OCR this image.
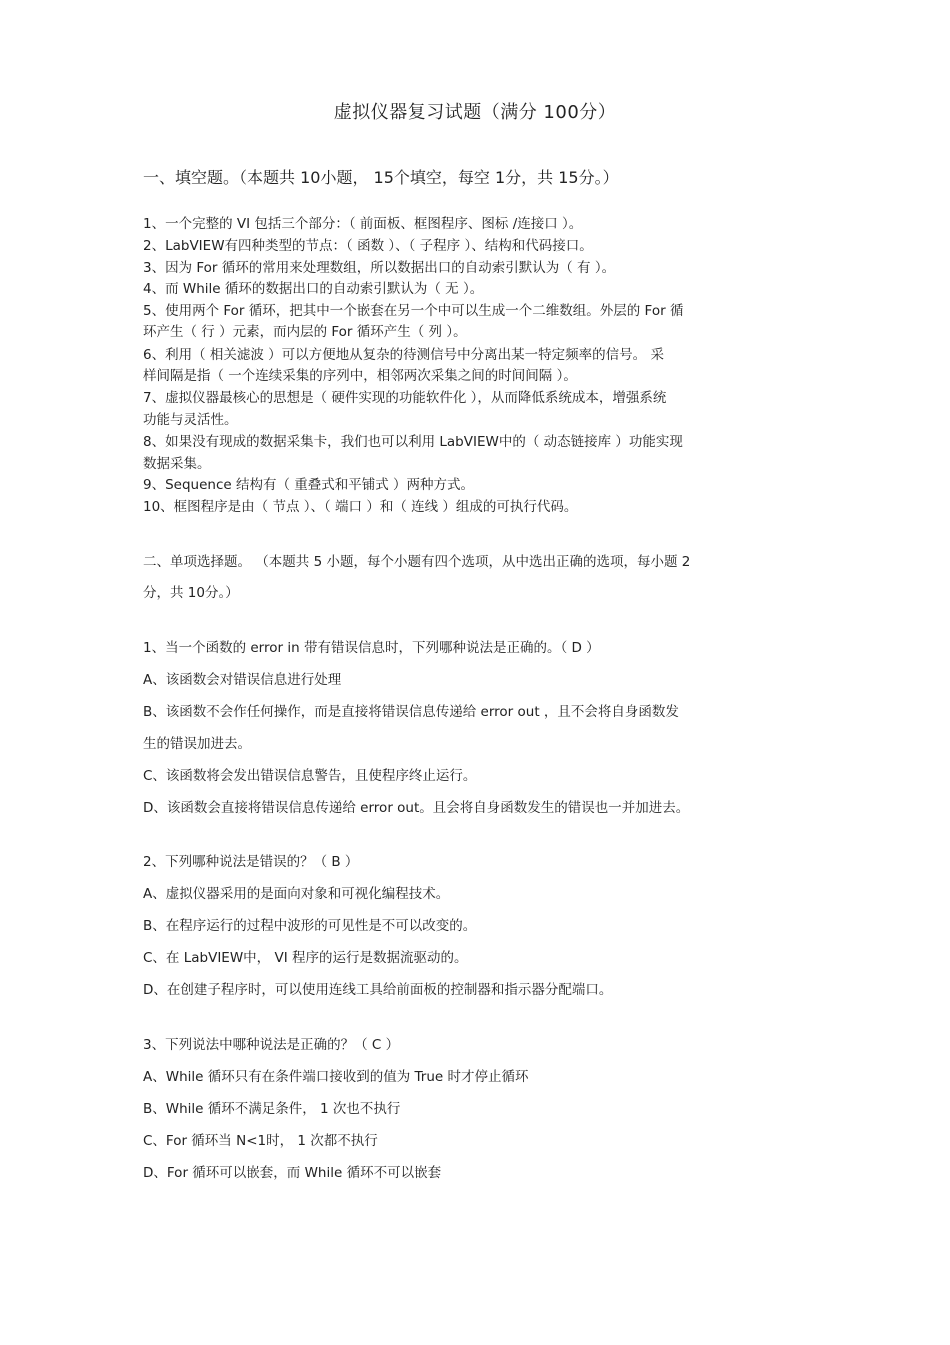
虚拟仪器复习试题（满分 100分）
一、填空题。（本题共 10小题， 15个填空，每空 1分，共 15分。）
1、一个完整的 VI 包括三个部分：（ 前面板、框图程序、图标 /连接口 ）。
2、LabVIEW有四种类型的节点：（ 函数 ）、（ 子程序 ）、结构和代码接口。
3、因为 For 循环的常用来处理数组，所以数据出口的自动索引默认为（ 有 ）。
4、而 While 循环的数据出口的自动索引默认为（ 无 ）。
5、使用两个 For 循环，把其中一个嵌套在另一个中可以生成一个二维数组。外层的 For 循
环产生（ 行 ）元素，而内层的 For 循环产生（ 列 ）。
6、利用（ 相关滤波 ）可以方便地从复杂的待测信号中分离出某一特定频率的信号。 采
样间隔是指（ 一个连续采集的序列中，相邻两次采集之间的时间间隔 ）。
7、虚拟仪器最核心的思想是（ 硬件实现的功能软件化 ），从而降低系统成本，增强系统
功能与灵活性。
8、如果没有现成的数据采集卡，我们也可以利用 LabVIEW中的（ 动态链接库 ）功能实现
数据采集。
9、Sequence 结构有（ 重叠式和平铺式 ）两种方式。
10、框图程序是由（ 节点 ）、（ 端口 ）和（ 连线 ）组成的可执行代码。
二、单项选择题。 （本题共 5 小题，每个小题有四个选项，从中选出正确的选项，每小题 2
分，共 10分。）
1、当一个函数的 error in 带有错误信息时，下列哪种说法是正确的。（ D ）
A、该函数会对错误信息进行处理
B、该函数不会作任何操作，而是直接将错误信息传递给 error out ，且不会将自身函数发
生的错误加进去。
C、该函数将会发出错误信息警告，且使程序终止运行。
D、该函数会直接将错误信息传递给 error out。且会将自身函数发生的错误也一并加进去。
2、下列哪种说法是错误的？（ B ）
A、虚拟仪器采用的是面向对象和可视化编程技术。
B、在程序运行的过程中波形的可见性是不可以改变的。
C、在 LabVIEW中， VI 程序的运行是数据流驱动的。
D、在创建子程序时，可以使用连线工具给前面板的控制器和指示器分配端口。
3、下列说法中哪种说法是正确的？（ C ）
A、While 循环只有在条件端口接收到的值为 True 时才停止循环
B、While 循环不满足条件， 1 次也不执行
C、For 循环当 N<1时， 1 次都不执行
D、For 循环可以嵌套，而 While 循环不可以嵌套
